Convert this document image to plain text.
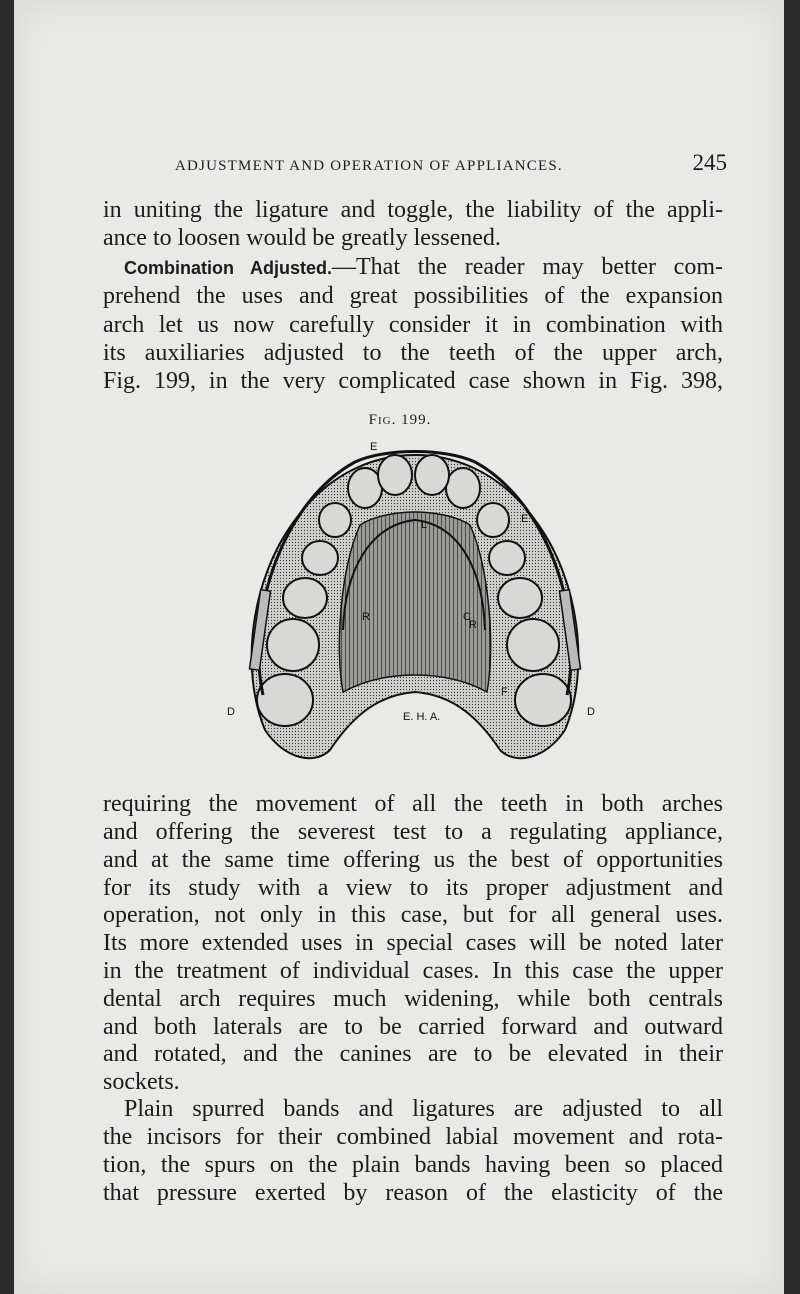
ADJUSTMENT AND OPERATION OF APPLIANCES.	245
in uniting the ligature and toggle, the liability of the appli-
ance to loosen would be greatly lessened.
Combination Adjusted.—That the reader may better com-
prehend the uses and great possibilities of the expansion
arch let us now carefully consider it in combination with
its auxiliaries adjusted to the teeth of the upper arch,
Fig. 199, in the very complicated case shown in Fig. 398,
Fig. 199.
E
E
L
R
R
C
F
D	D
E. H. A.
requiring the movement of all the teeth in both arches
and offering the severest test to a regulating appliance,
and at the same time offering us the best of opportunities
for its study with a view to its proper adjustment and
operation, not only in this case, but for all general uses.
Its more extended uses in special cases will be noted later
in the treatment of individual cases. In this case the upper
dental arch requires much widening, while both centrals
and both laterals are to be carried forward and outward
and rotated, and the canines are to be elevated in their
sockets.
Plain spurred bands and ligatures are adjusted to all
the incisors for their combined labial movement and rota-
tion, the spurs on the plain bands having been so placed
that pressure exerted by reason of the elasticity of the
